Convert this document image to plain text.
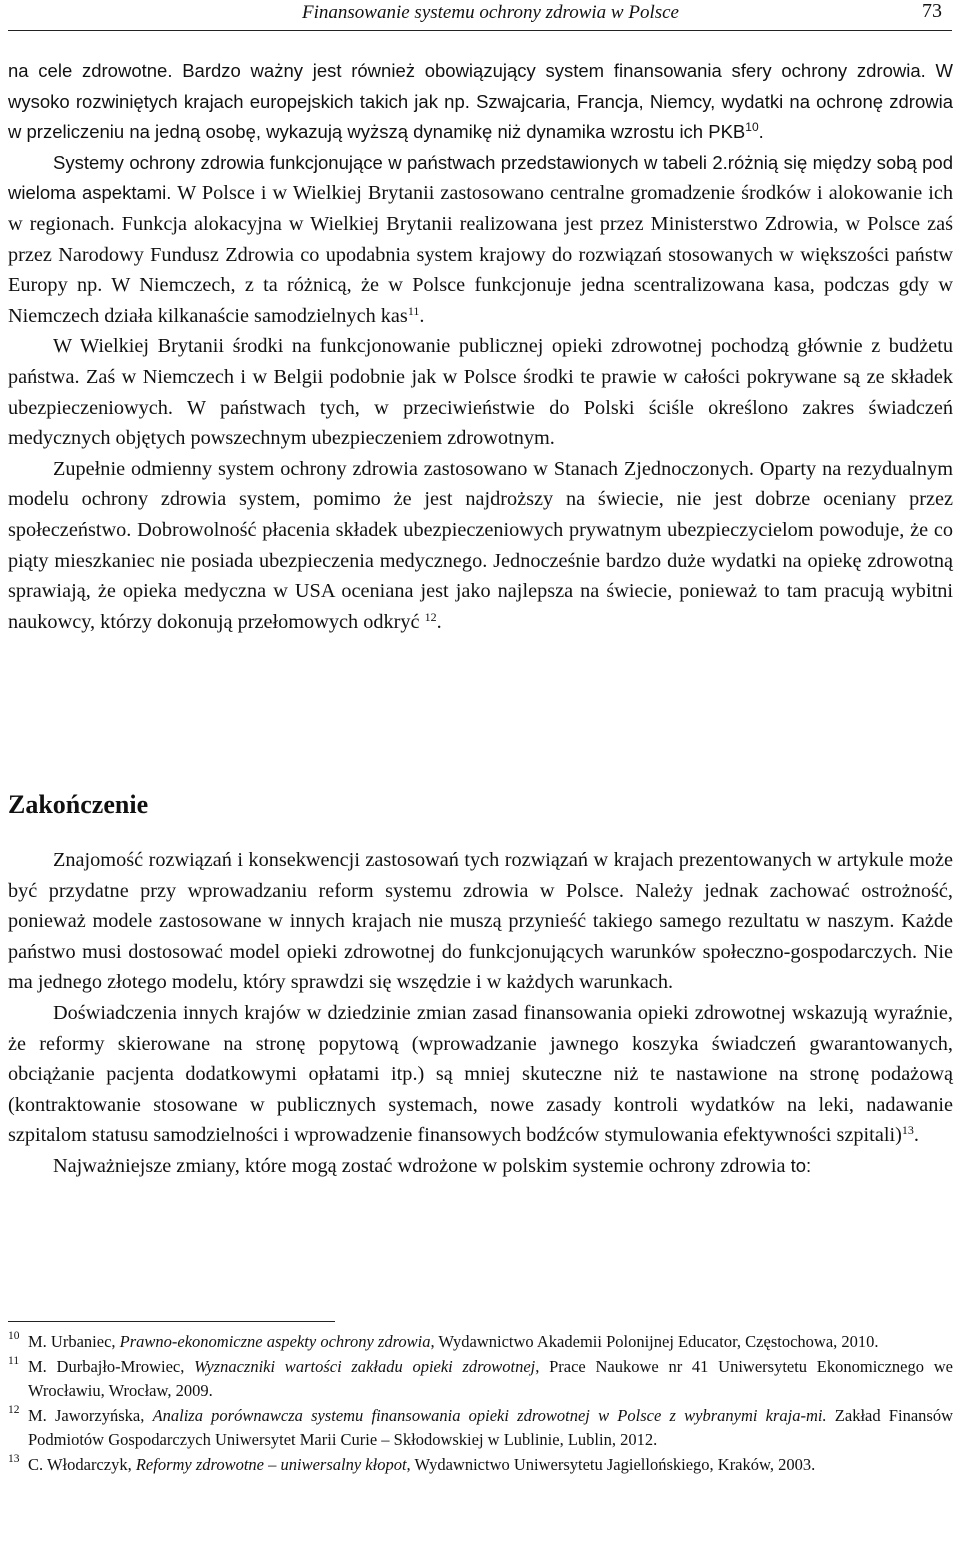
Finansowanie systemu ochrony zdrowia w Polsce	73

na cele zdrowotne. Bardzo ważny jest również obowiązujący system finansowania sfery ochrony zdrowia. W wysoko rozwiniętych krajach europejskich takich jak np. Szwajcaria, Francja, Niemcy, wydatki na ochronę zdrowia w przeliczeniu na jedną osobę, wykazują wyższą dynamikę niż dynamika wzrostu ich PKB$^{10}$.

Systemy ochrony zdrowia funkcjonujące w państwach przedstawionych w tabeli 2.różnią się między sobą pod wieloma aspektami. W Polsce i w Wielkiej Brytanii zastosowano centralne gromadzenie środków i alokowanie ich w regionach. Funkcja alokacyjna w Wielkiej Brytanii realizowana jest przez Ministerstwo Zdrowia, w Polsce zaś przez Narodowy Fundusz Zdrowia co upodabnia system krajowy do rozwiązań stosowanych w większości państw Europy np. W Niemczech, z ta różnicą, że w Polsce funkcjonuje jedna scentralizowana kasa, podczas gdy w Niemczech działa kilkanaście samodzielnych kas$^{11}$.

W Wielkiej Brytanii środki na funkcjonowanie publicznej opieki zdrowotnej pochodzą głównie z budżetu państwa. Zaś w Niemczech i w Belgii podobnie jak w Polsce środki te prawie w całości pokrywane są ze składek ubezpieczeniowych. W państwach tych, w przeciwieństwie do Polski ściśle określono zakres świadczeń medycznych objętych powszechnym ubezpieczeniem zdrowotnym.

Zupełnie odmienny system ochrony zdrowia zastosowano w Stanach Zjednoczonych. Oparty na rezydualnym modelu ochrony zdrowia system, pomimo że jest najdroższy na świecie, nie jest dobrze oceniany przez społeczeństwo. Dobrowolność płacenia składek ubezpieczeniowych prywatnym ubezpieczycielom powoduje, że co piąty mieszkaniec nie posiada ubezpieczenia medycznego. Jednocześnie bardzo duże wydatki na opiekę zdrowotną sprawiają, że opieka medyczna w USA oceniana jest jako najlepsza na świecie, ponieważ to tam pracują wybitni naukowcy, którzy dokonują przełomowych odkryć $^{12}$.

Zakończenie

Znajomość rozwiązań i konsekwencji zastosowań tych rozwiązań w krajach prezentowanych w artykule może być przydatne przy wprowadzaniu reform systemu zdrowia w Polsce. Należy jednak zachować ostrożność, ponieważ modele zastosowane w innych krajach nie muszą przynieść takiego samego rezultatu w naszym. Każde państwo musi dostosować model opieki zdrowotnej do funkcjonujących warunków społeczno-gospodarczych. Nie ma jednego złotego modelu, który sprawdzi się wszędzie i w każdych warunkach.

Doświadczenia innych krajów w dziedzinie zmian zasad finansowania opieki zdrowotnej wskazują wyraźnie, że reformy skierowane na stronę popytową (wprowadzanie jawnego koszyka świadczeń gwarantowanych, obciążanie pacjenta dodatkowymi opłatami itp.) są mniej skuteczne niż te nastawione na stronę podażową (kontraktowanie stosowane w publicznych systemach, nowe zasady kontroli wydatków na leki, nadawanie szpitalom statusu samodzielności i wprowadzenie finansowych bodźców stymulowania efektywności szpitali)$^{13}$.

Najważniejsze zmiany, które mogą zostać wdrożone w polskim systemie ochrony zdrowia to:

10 M. Urbaniec, Prawno-ekonomiczne aspekty ochrony zdrowia, Wydawnictwo Akademii Polonijnej Educator, Częstochowa, 2010.
11 M. Durbajło-Mrowiec, Wyznaczniki wartości zakładu opieki zdrowotnej, Prace Naukowe nr 41 Uniwersytetu Ekonomicznego we Wrocławiu, Wrocław, 2009.
12 M. Jaworzyńska, Analiza porównawcza systemu finansowania opieki zdrowotnej w Polsce z wybranymi kraja-mi. Zakład Finansów Podmiotów Gospodarczych Uniwersytet Marii Curie – Skłodowskiej w Lublinie, Lublin, 2012.
13 C. Włodarczyk, Reformy zdrowotne – uniwersalny kłopot, Wydawnictwo Uniwersytetu Jagiellońskiego, Kraków, 2003.
